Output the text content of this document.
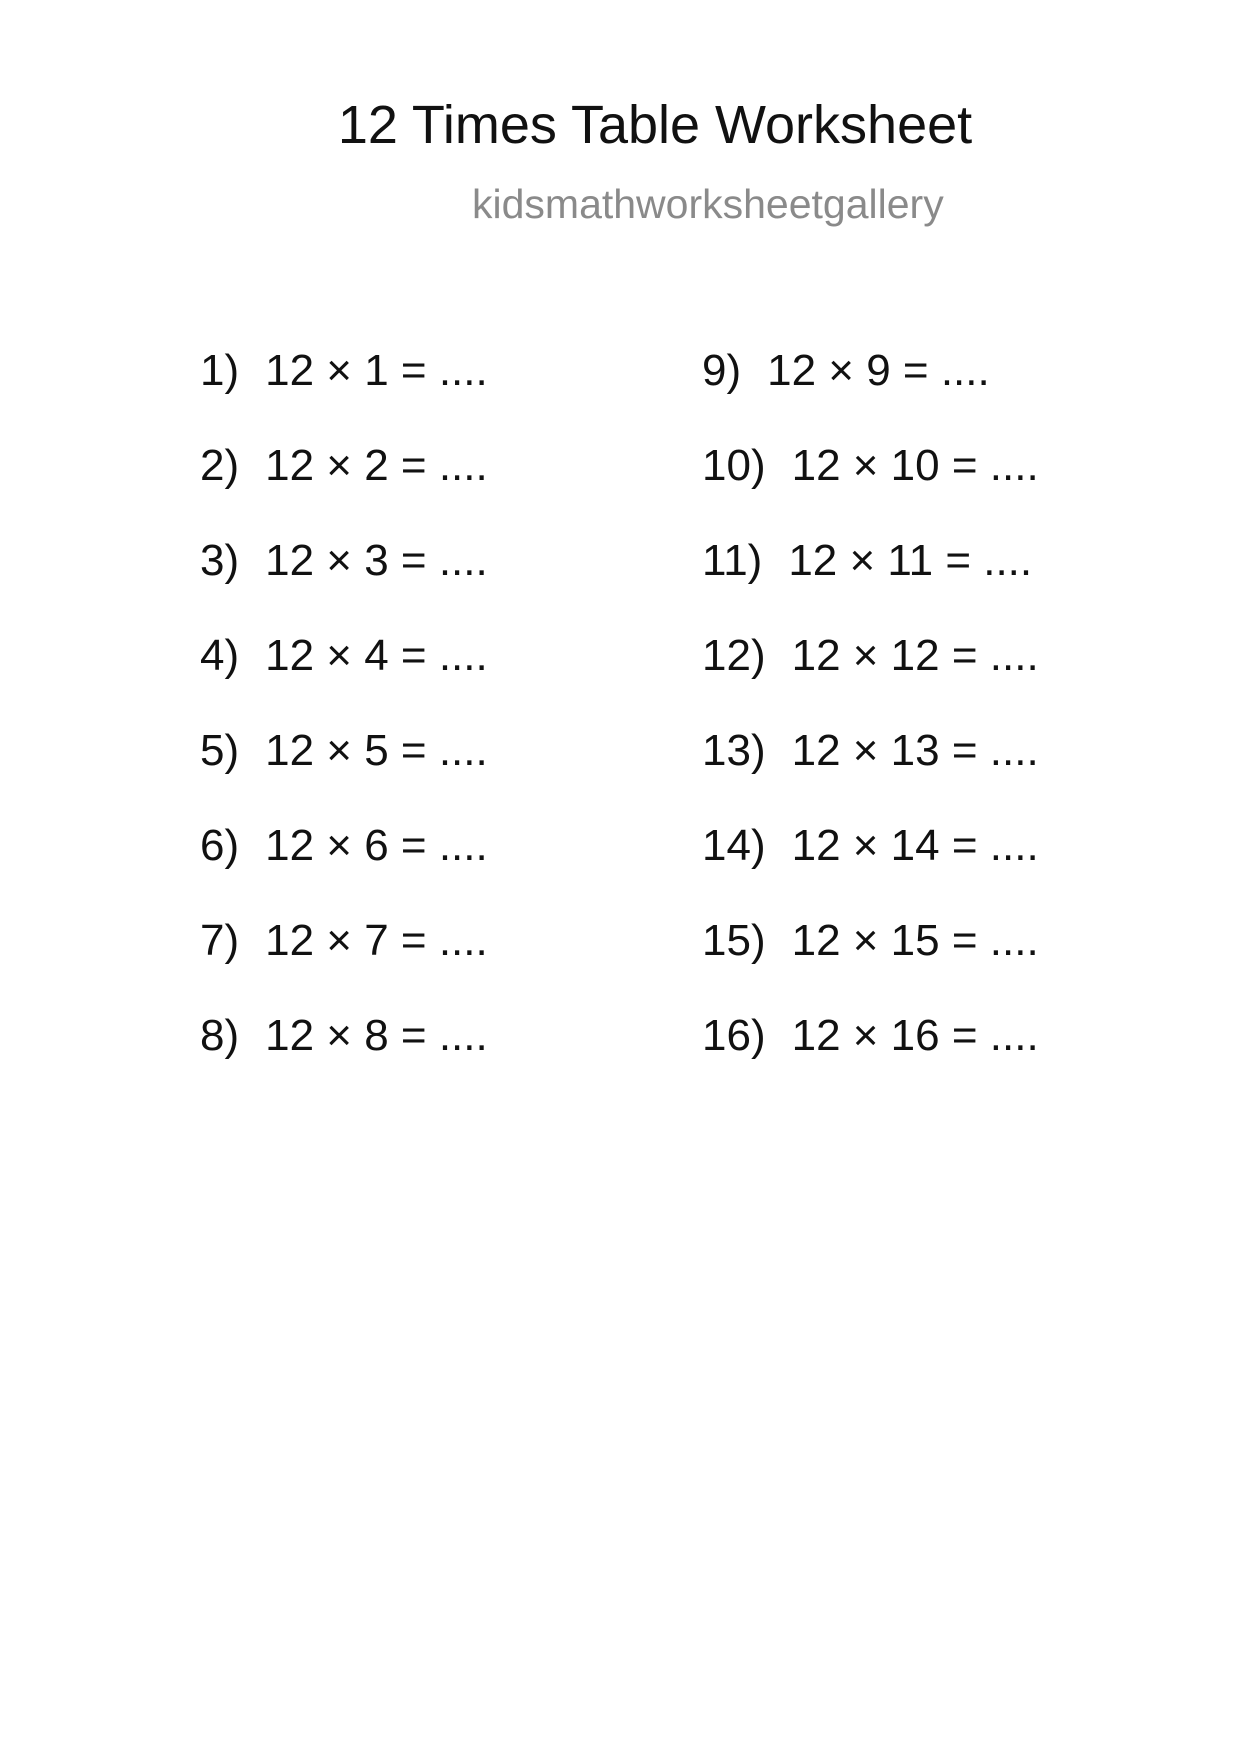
12 Times Table Worksheet
kidsmathworksheetgallery
1) 12 × 1 = ....
2) 12 × 2 = ....
3) 12 × 3 = ....
4) 12 × 4 = ....
5) 12 × 5 = ....
6) 12 × 6 = ....
7) 12 × 7 = ....
8) 12 × 8 = ....
9) 12 × 9 = ....
10) 12 × 10 = ....
11) 12 × 11 = ....
12) 12 × 12 = ....
13) 12 × 13 = ....
14) 12 × 14 = ....
15) 12 × 15 = ....
16) 12 × 16 = ....
